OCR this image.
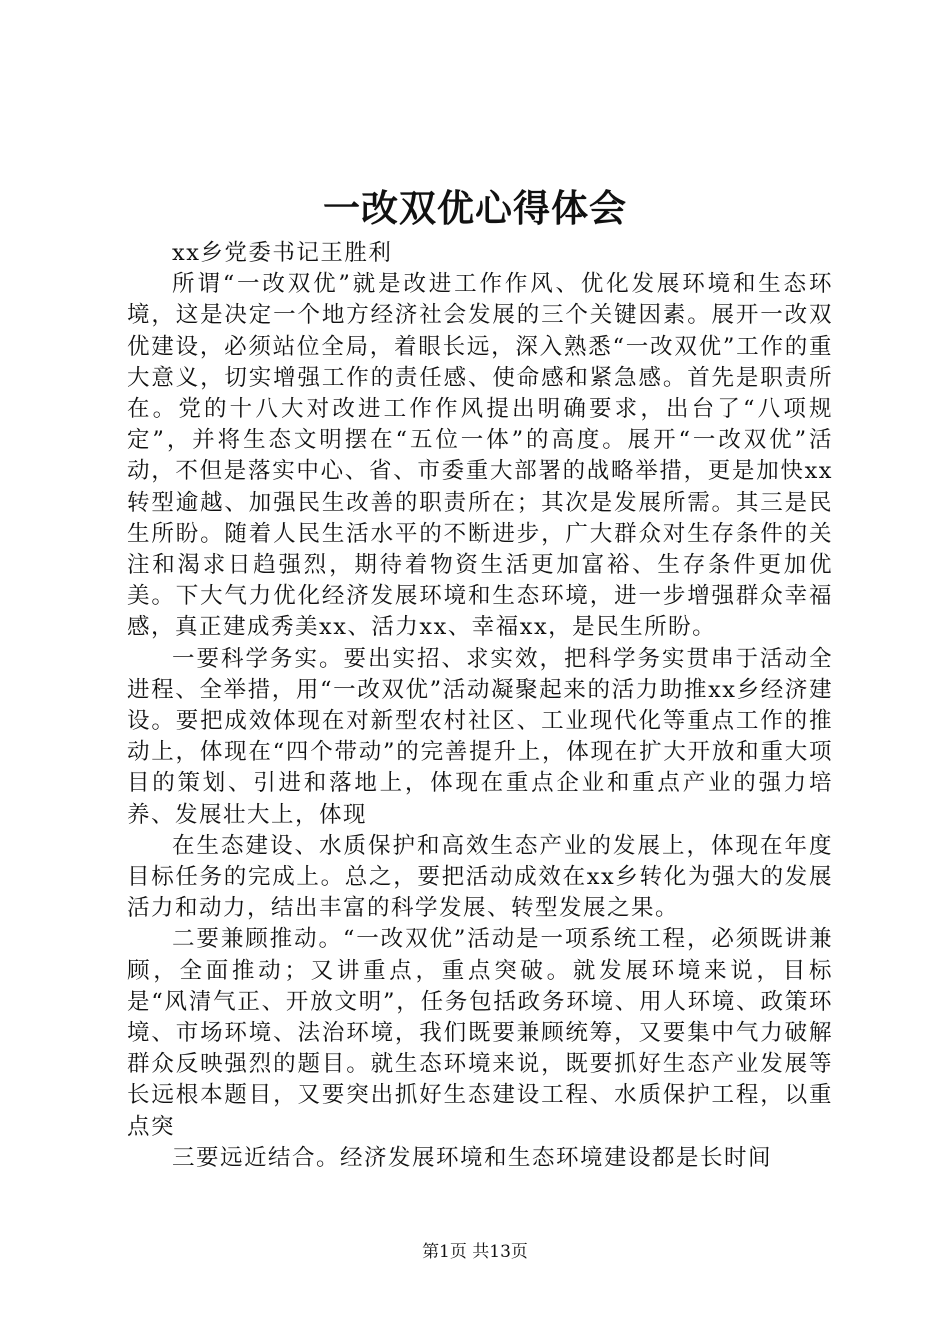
一改双优心得体会
xx乡党委书记王胜利

所谓“一改双优”就是改进工作作风、优化发展环境和生态环境，这是决定一个地方经济社会发展的三个关键因素。展开一改双优建设，必须站位全局，着眼长远，深入熟悉“一改双优”工作的重大意义，切实增强工作的责任感、使命感和紧急感。首先是职责所在。党的十八大对改进工作作风提出明确要求，出台了“八项规定”，并将生态文明摆在“五位一体”的高度。展开“一改双优”活动，不但是落实中心、省、市委重大部署的战略举措，更是加快xx转型逾越、加强民生改善的职责所在；其次是发展所需。其三是民生所盼。随着人民生活水平的不断进步，广大群众对生存条件的关注和渴求日趋强烈，期待着物资生活更加富裕、生存条件更加优美。下大气力优化经济发展环境和生态环境，进一步增强群众幸福感，真正建成秀美xx、活力xx、幸福xx，是民生所盼。

一要科学务实。要出实招、求实效，把科学务实贯串于活动全进程、全举措，用“一改双优”活动凝聚起来的活力助推xx乡经济建设。要把成效体现在对新型农村社区、工业现代化等重点工作的推动上，体现在“四个带动”的完善提升上，体现在扩大开放和重大项目的策划、引进和落地上，体现在重点企业和重点产业的强力培养、发展壮大上，体现

在生态建设、水质保护和高效生态产业的发展上，体现在年度目标任务的完成上。总之，要把活动成效在xx乡转化为强大的发展活力和动力，结出丰富的科学发展、转型发展之果。

二要兼顾推动。“一改双优”活动是一项系统工程，必须既讲兼顾，全面推动；又讲重点，重点突破。就发展环境来说，目标是“风清气正、开放文明”，任务包括政务环境、用人环境、政策环境、市场环境、法治环境，我们既要兼顾统筹，又要集中气力破解群众反映强烈的题目。就生态环境来说，既要抓好生态产业发展等长远根本题目，又要突出抓好生态建设工程、水质保护工程，以重点突

三要远近结合。经济发展环境和生态环境建设都是长时间

第1页 共13页
